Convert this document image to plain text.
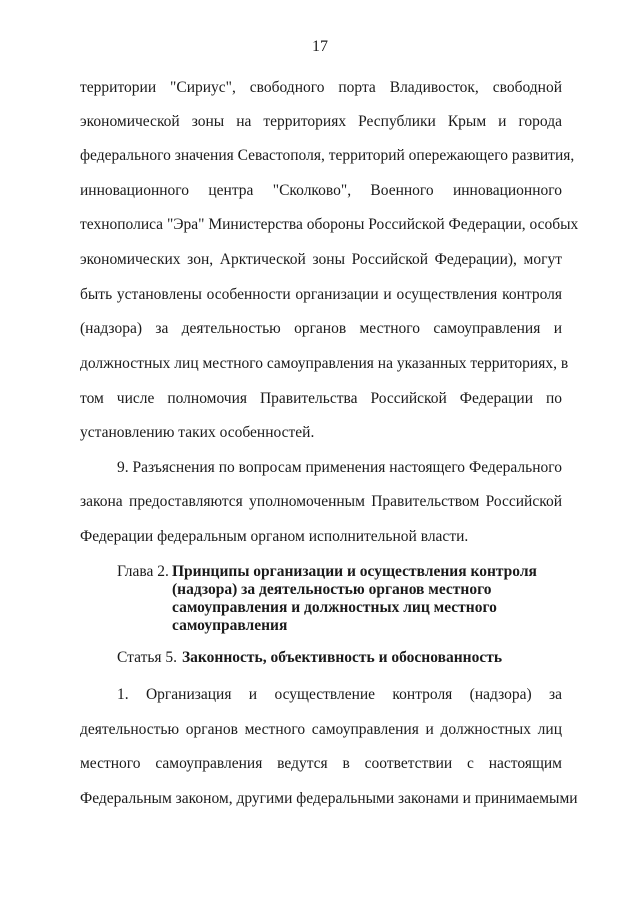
17
территории "Сириус", свободного порта Владивосток, свободной
экономической зоны на территориях Республики Крым и города
федерального значения Севастополя, территорий опережающего развития,
инновационного центра "Сколково", Военного инновационного
технополиса "Эра" Министерства обороны Российской Федерации, особых
экономических зон, Арктической зоны Российской Федерации), могут
быть установлены особенности организации и осуществления контроля
(надзора) за деятельностью органов местного самоуправления и
должностных лиц местного самоуправления на указанных территориях, в
том числе полномочия Правительства Российской Федерации по
установлению таких особенностей.
9. Разъяснения по вопросам применения настоящего Федерального
закона предоставляются уполномоченным Правительством Российской
Федерации федеральным органом исполнительной власти.
Глава 2. Принципы организации и осуществления контроля
(надзора) за деятельностью органов местного
самоуправления и должностных лиц местного
самоуправления
Статья 5. Законность, объективность и обоснованность
1. Организация и осуществление контроля (надзора) за
деятельностью органов местного самоуправления и должностных лиц
местного самоуправления ведутся в соответствии с настоящим
Федеральным законом, другими федеральными законами и принимаемыми
